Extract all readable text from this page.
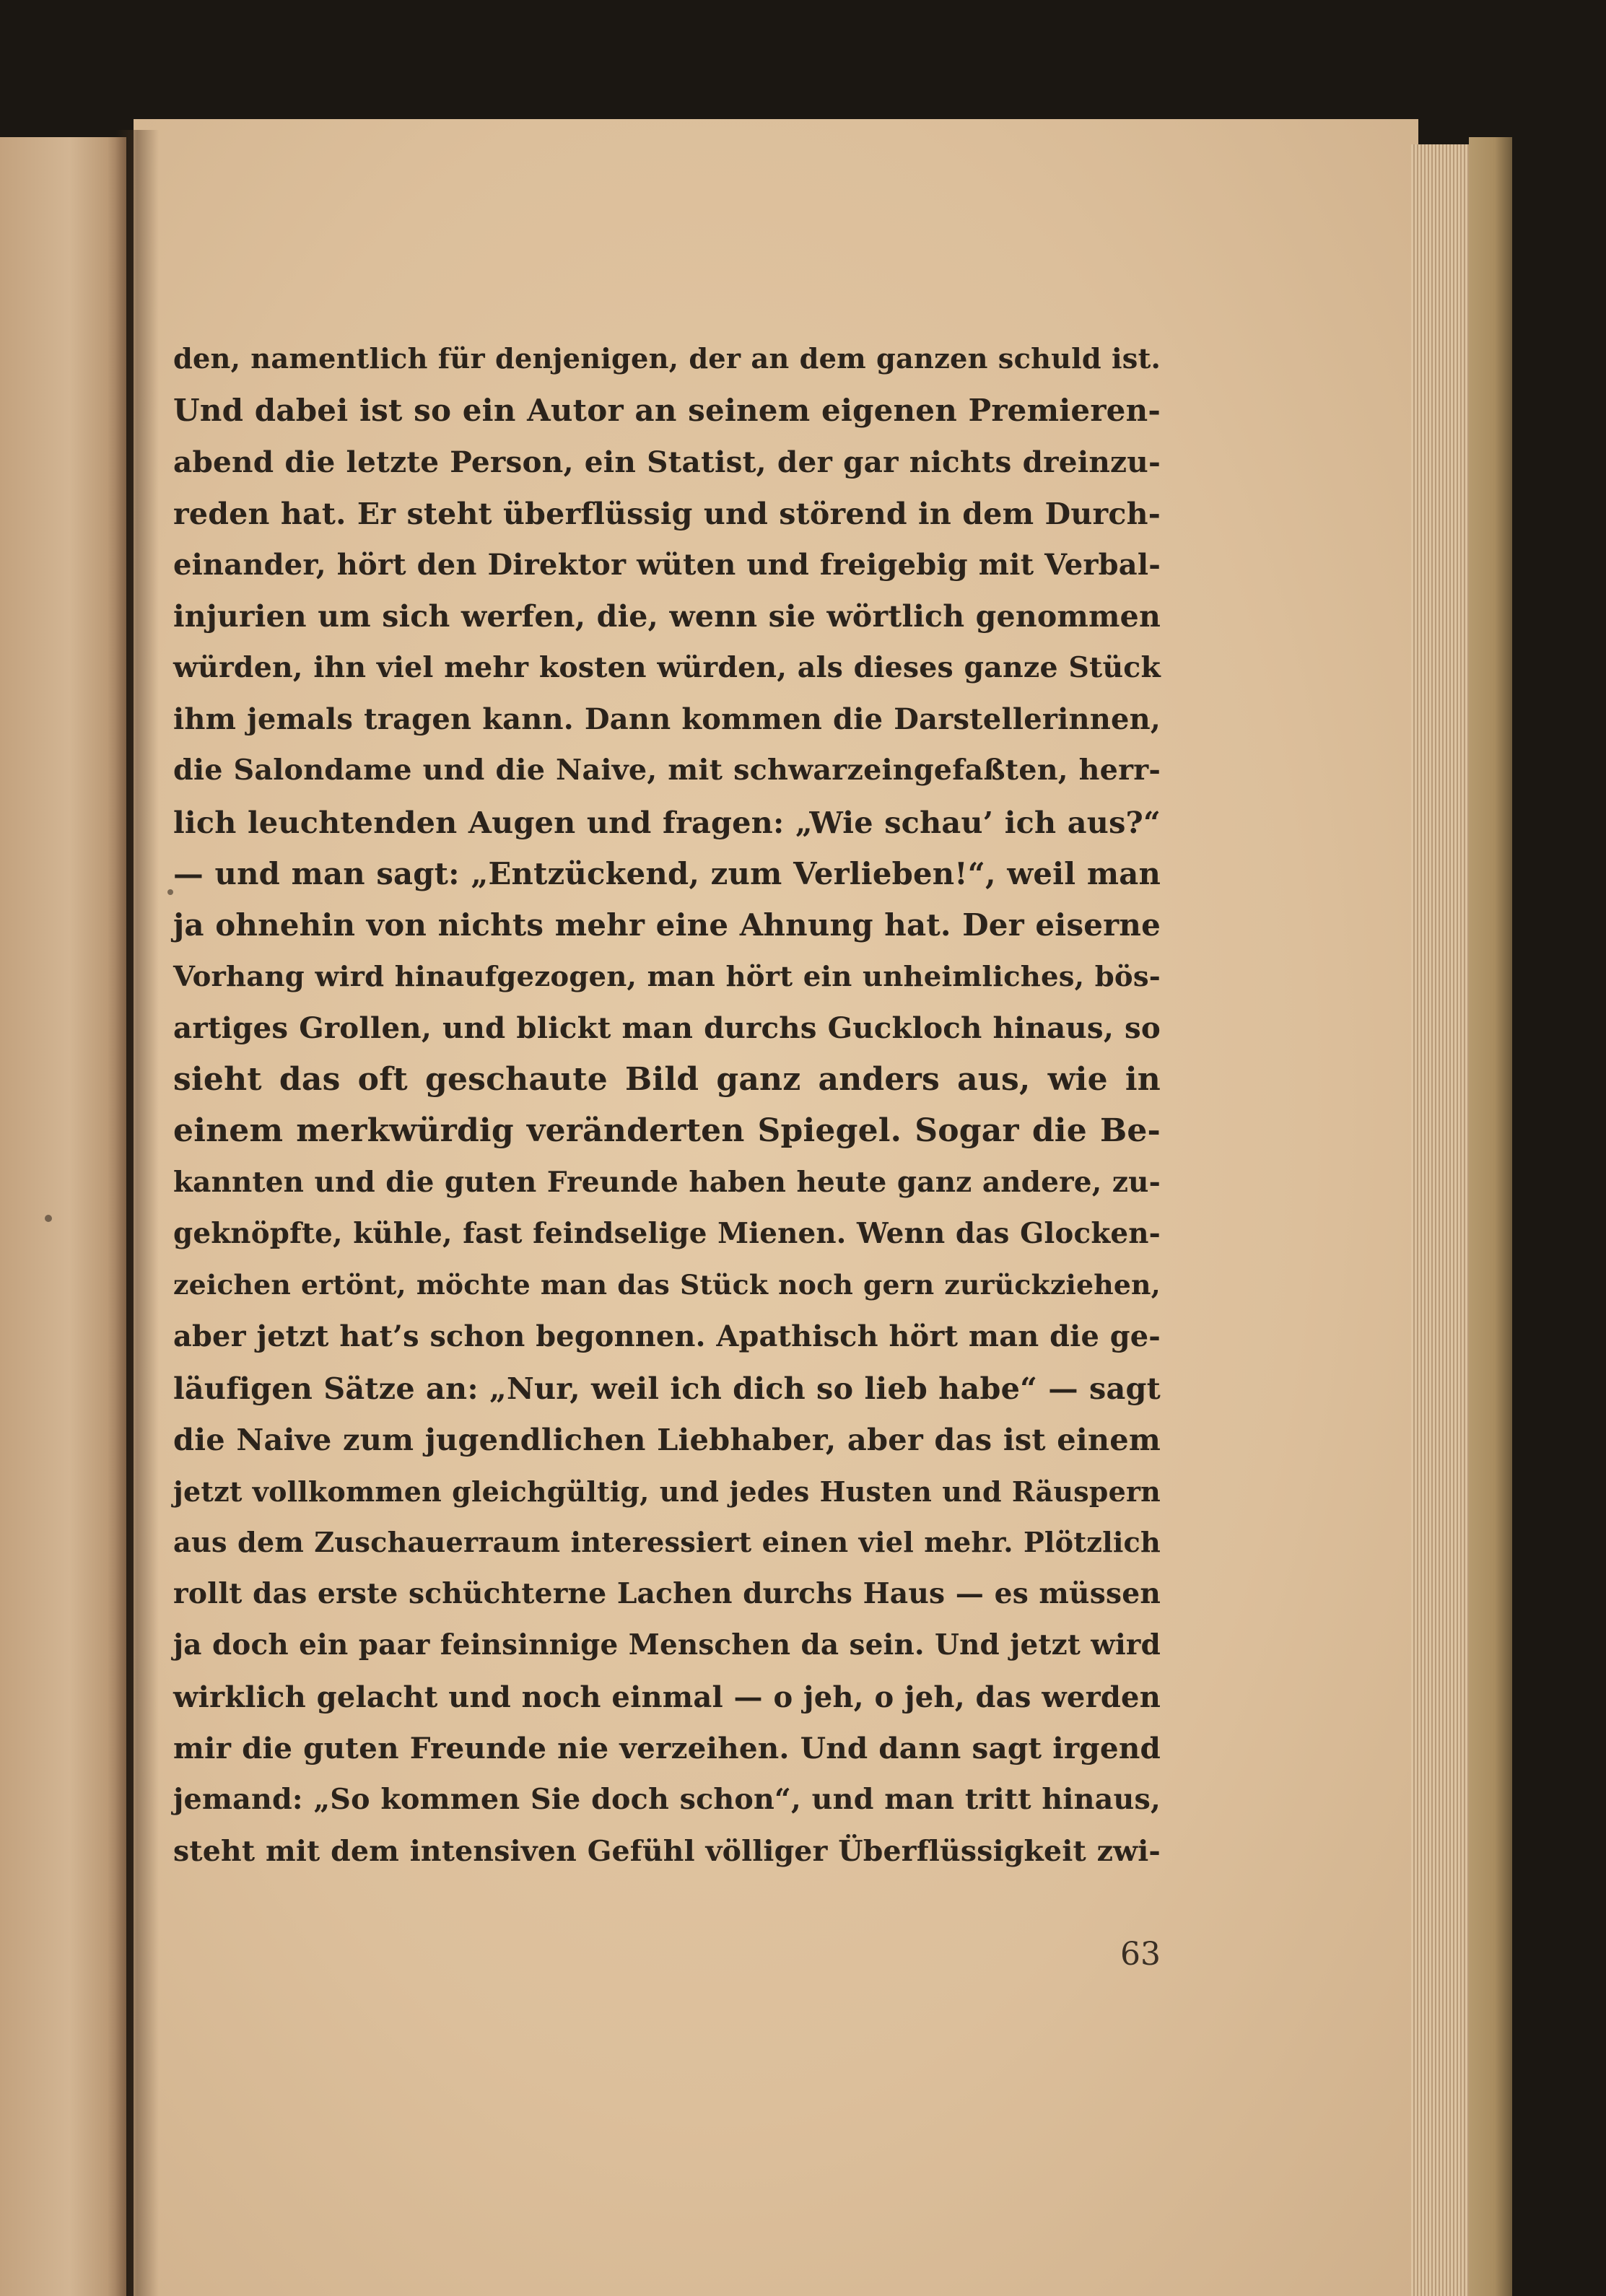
den, namentlich für denjenigen, der an dem ganzen schuld ist.
Und dabei ist so ein Autor an seinem eigenen Premieren-
abend die letzte Person, ein Statist, der gar nichts dreinzu-
reden hat. Er steht überflüssig und störend in dem Durch-
einander, hört den Direktor wüten und freigebig mit Verbal-
injurien um sich werfen, die, wenn sie wörtlich genommen
würden, ihn viel mehr kosten würden, als dieses ganze Stück
ihm jemals tragen kann. Dann kommen die Darstellerinnen,
die Salondame und die Naive, mit schwarzeingefaßten, herr-
lich leuchtenden Augen und fragen: „Wie schau’ ich aus?“
— und man sagt: „Entzückend, zum Verlieben!“, weil man
ja ohnehin von nichts mehr eine Ahnung hat. Der eiserne
Vorhang wird hinaufgezogen, man hört ein unheimliches, bös-
artiges Grollen, und blickt man durchs Guckloch hinaus, so
sieht das oft geschaute Bild ganz anders aus, wie in
einem merkwürdig veränderten Spiegel. Sogar die Be-
kannten und die guten Freunde haben heute ganz andere, zu-
geknöpfte, kühle, fast feindselige Mienen. Wenn das Glocken-
zeichen ertönt, möchte man das Stück noch gern zurückziehen,
aber jetzt hat’s schon begonnen. Apathisch hört man die ge-
läufigen Sätze an: „Nur, weil ich dich so lieb habe“ — sagt
die Naive zum jugendlichen Liebhaber, aber das ist einem
jetzt vollkommen gleichgültig, und jedes Husten und Räuspern
aus dem Zuschauerraum interessiert einen viel mehr. Plötzlich
rollt das erste schüchterne Lachen durchs Haus — es müssen
ja doch ein paar feinsinnige Menschen da sein. Und jetzt wird
wirklich gelacht und noch einmal — o jeh, o jeh, das werden
mir die guten Freunde nie verzeihen. Und dann sagt irgend
jemand: „So kommen Sie doch schon“, und man tritt hinaus,
steht mit dem intensiven Gefühl völliger Überflüssigkeit zwi-
63
